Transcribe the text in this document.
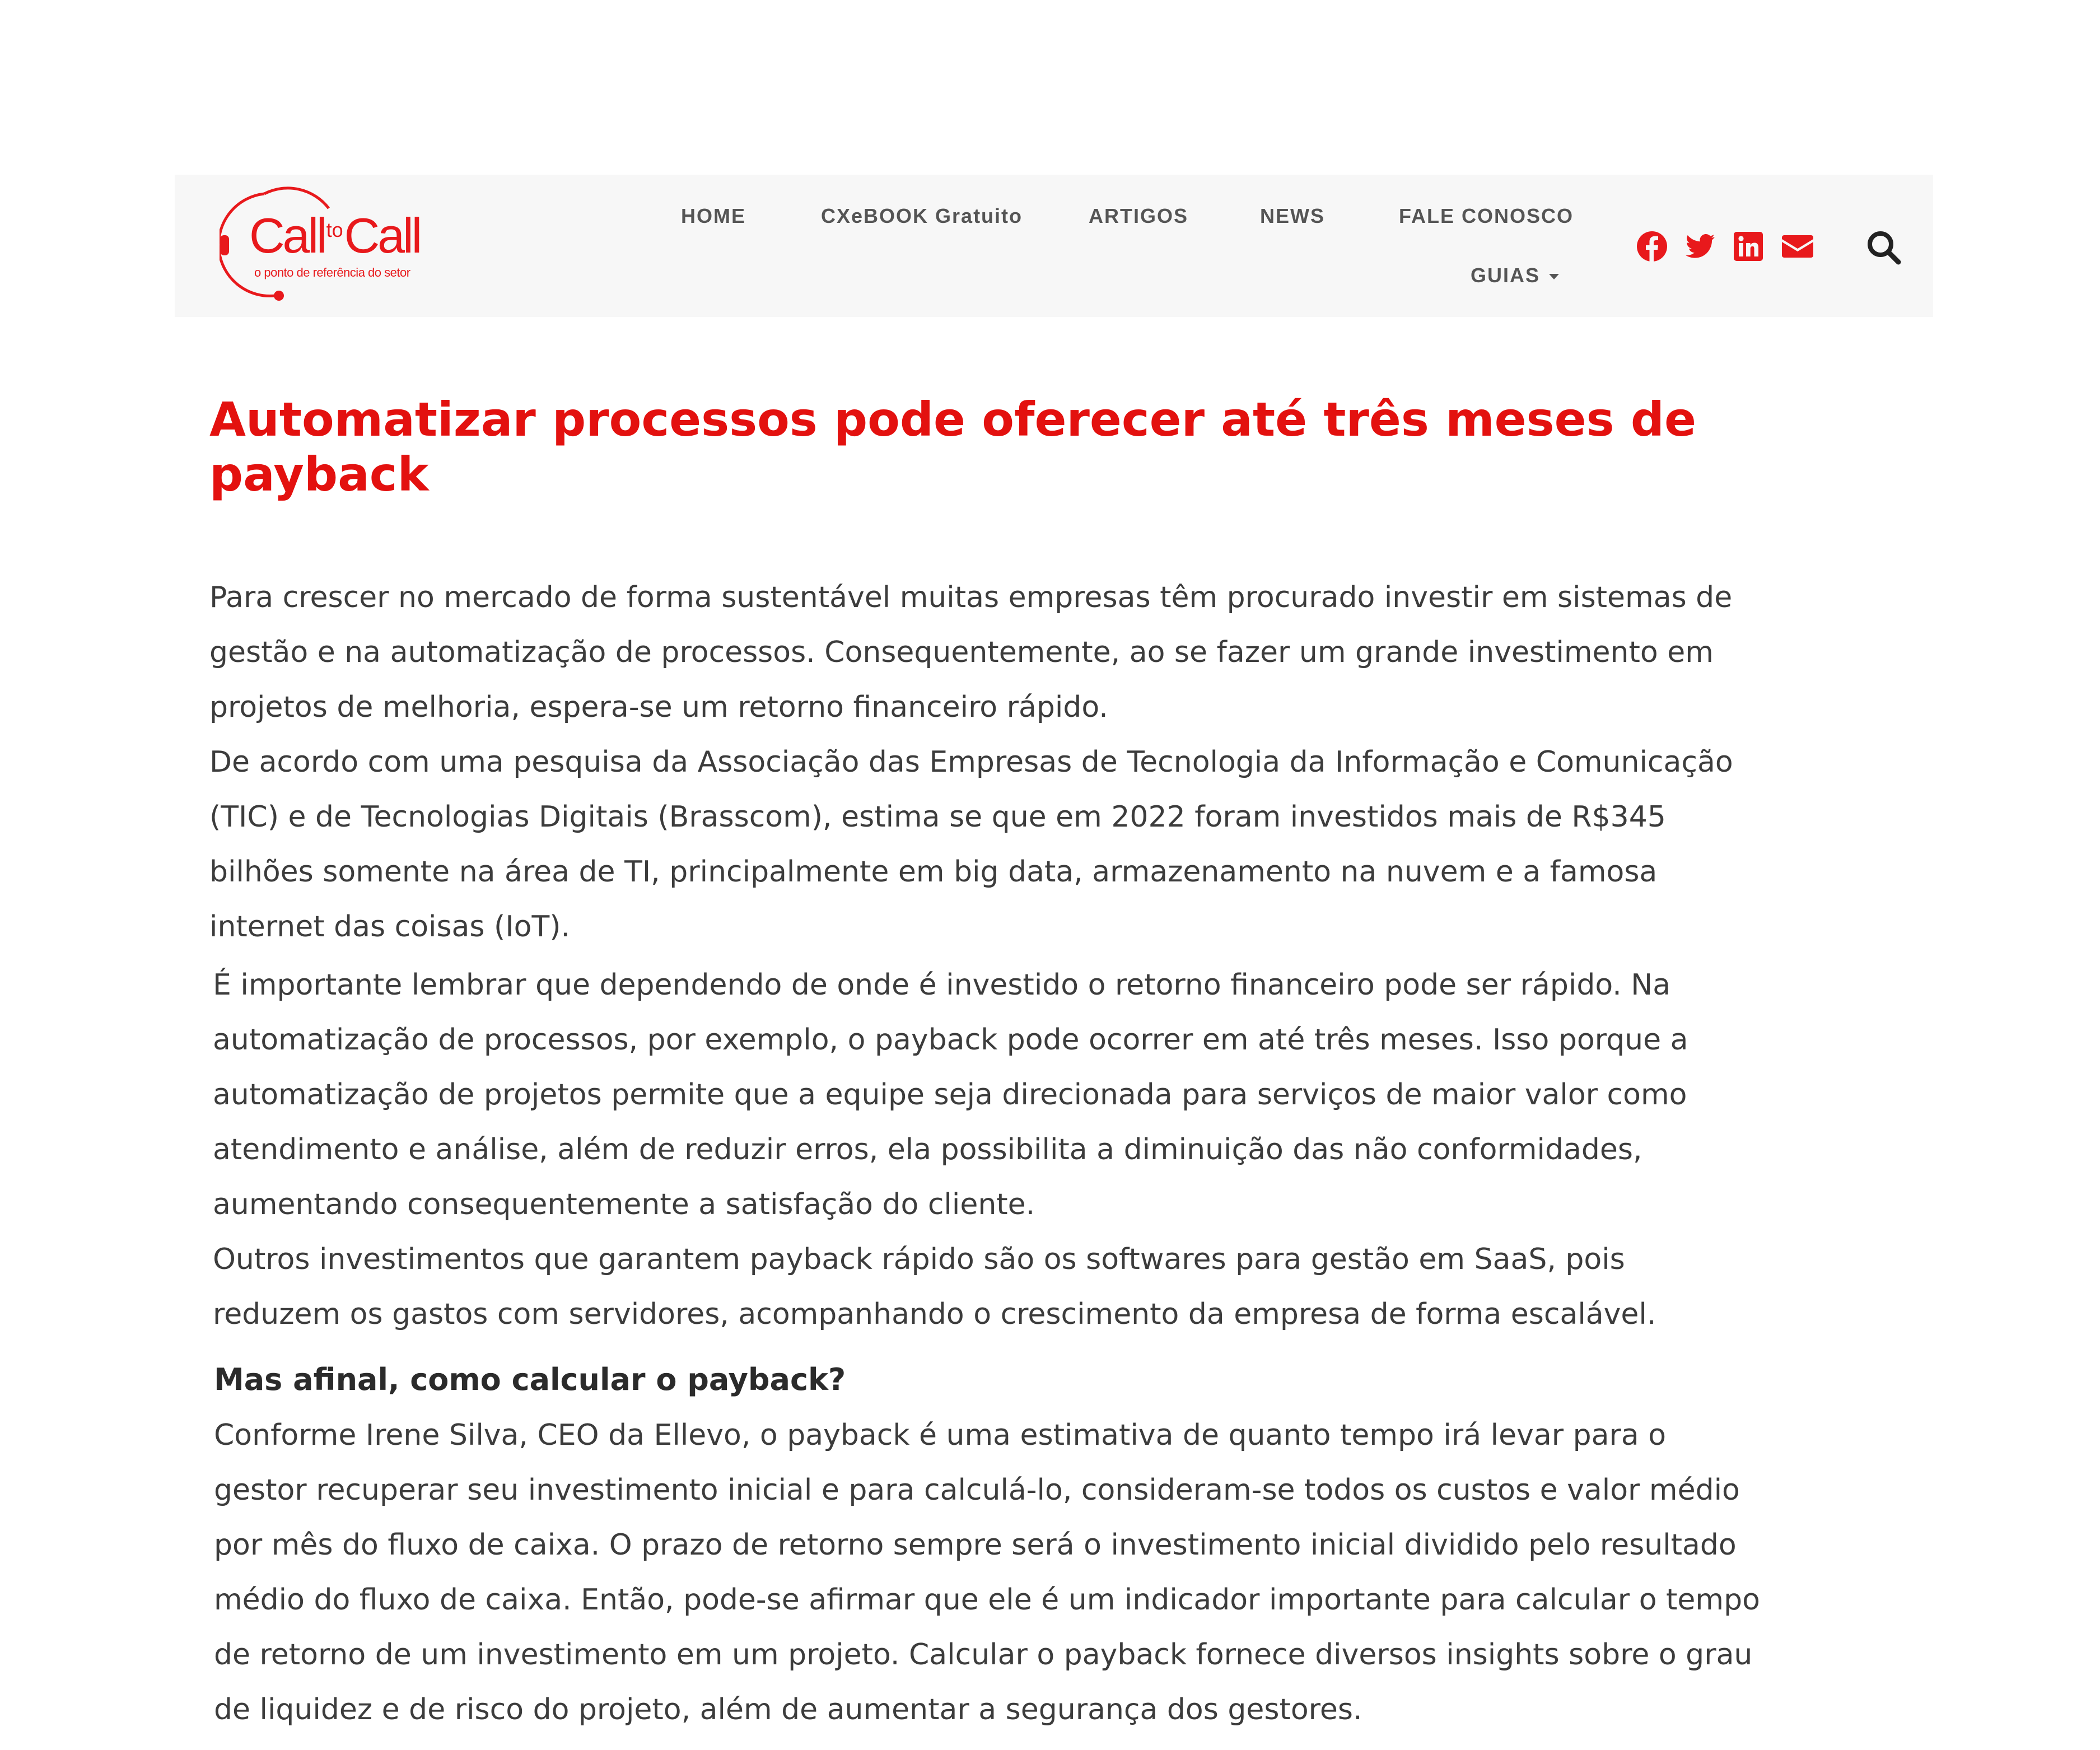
Call$^{to}$Call
o ponto de referência do setor
HOME	CXeBOOK Gratuito	ARTIGOS	NEWS	FALE CONOSCO
GUIAS
Automatizar processos pode oferecer até três meses de payback

Para crescer no mercado de forma sustentável muitas empresas têm procurado investir em sistemas de gestão e na automatização de processos. Consequentemente, ao se fazer um grande investimento em projetos de melhoria, espera-se um retorno financeiro rápido.

De acordo com uma pesquisa da Associação das Empresas de Tecnologia da Informação e Comunicação (TIC) e de Tecnologias Digitais (Brasscom), estima se que em 2022 foram investidos mais de R$345 bilhões somente na área de TI, principalmente em big data, armazenamento na nuvem e a famosa internet das coisas (IoT).

É importante lembrar que dependendo de onde é investido o retorno financeiro pode ser rápido. Na automatização de processos, por exemplo, o payback pode ocorrer em até três meses. Isso porque a automatização de projetos permite que a equipe seja direcionada para serviços de maior valor como atendimento e análise, além de reduzir erros, ela possibilita a diminuição das não conformidades, aumentando consequentemente a satisfação do cliente.

Outros investimentos que garantem payback rápido são os softwares para gestão em SaaS, pois reduzem os gastos com servidores, acompanhando o crescimento da empresa de forma escalável.

Mas afinal, como calcular o payback?

Conforme Irene Silva, CEO da Ellevo, o payback é uma estimativa de quanto tempo irá levar para o gestor recuperar seu investimento inicial e para calculá-lo, consideram-se todos os custos e valor médio por mês do fluxo de caixa. O prazo de retorno sempre será o investimento inicial dividido pelo resultado médio do fluxo de caixa. Então, pode-se afirmar que ele é um indicador importante para calcular o tempo de retorno de um investimento em um projeto. Calcular o payback fornece diversos insights sobre o grau de liquidez e de risco do projeto, além de aumentar a segurança dos gestores.
